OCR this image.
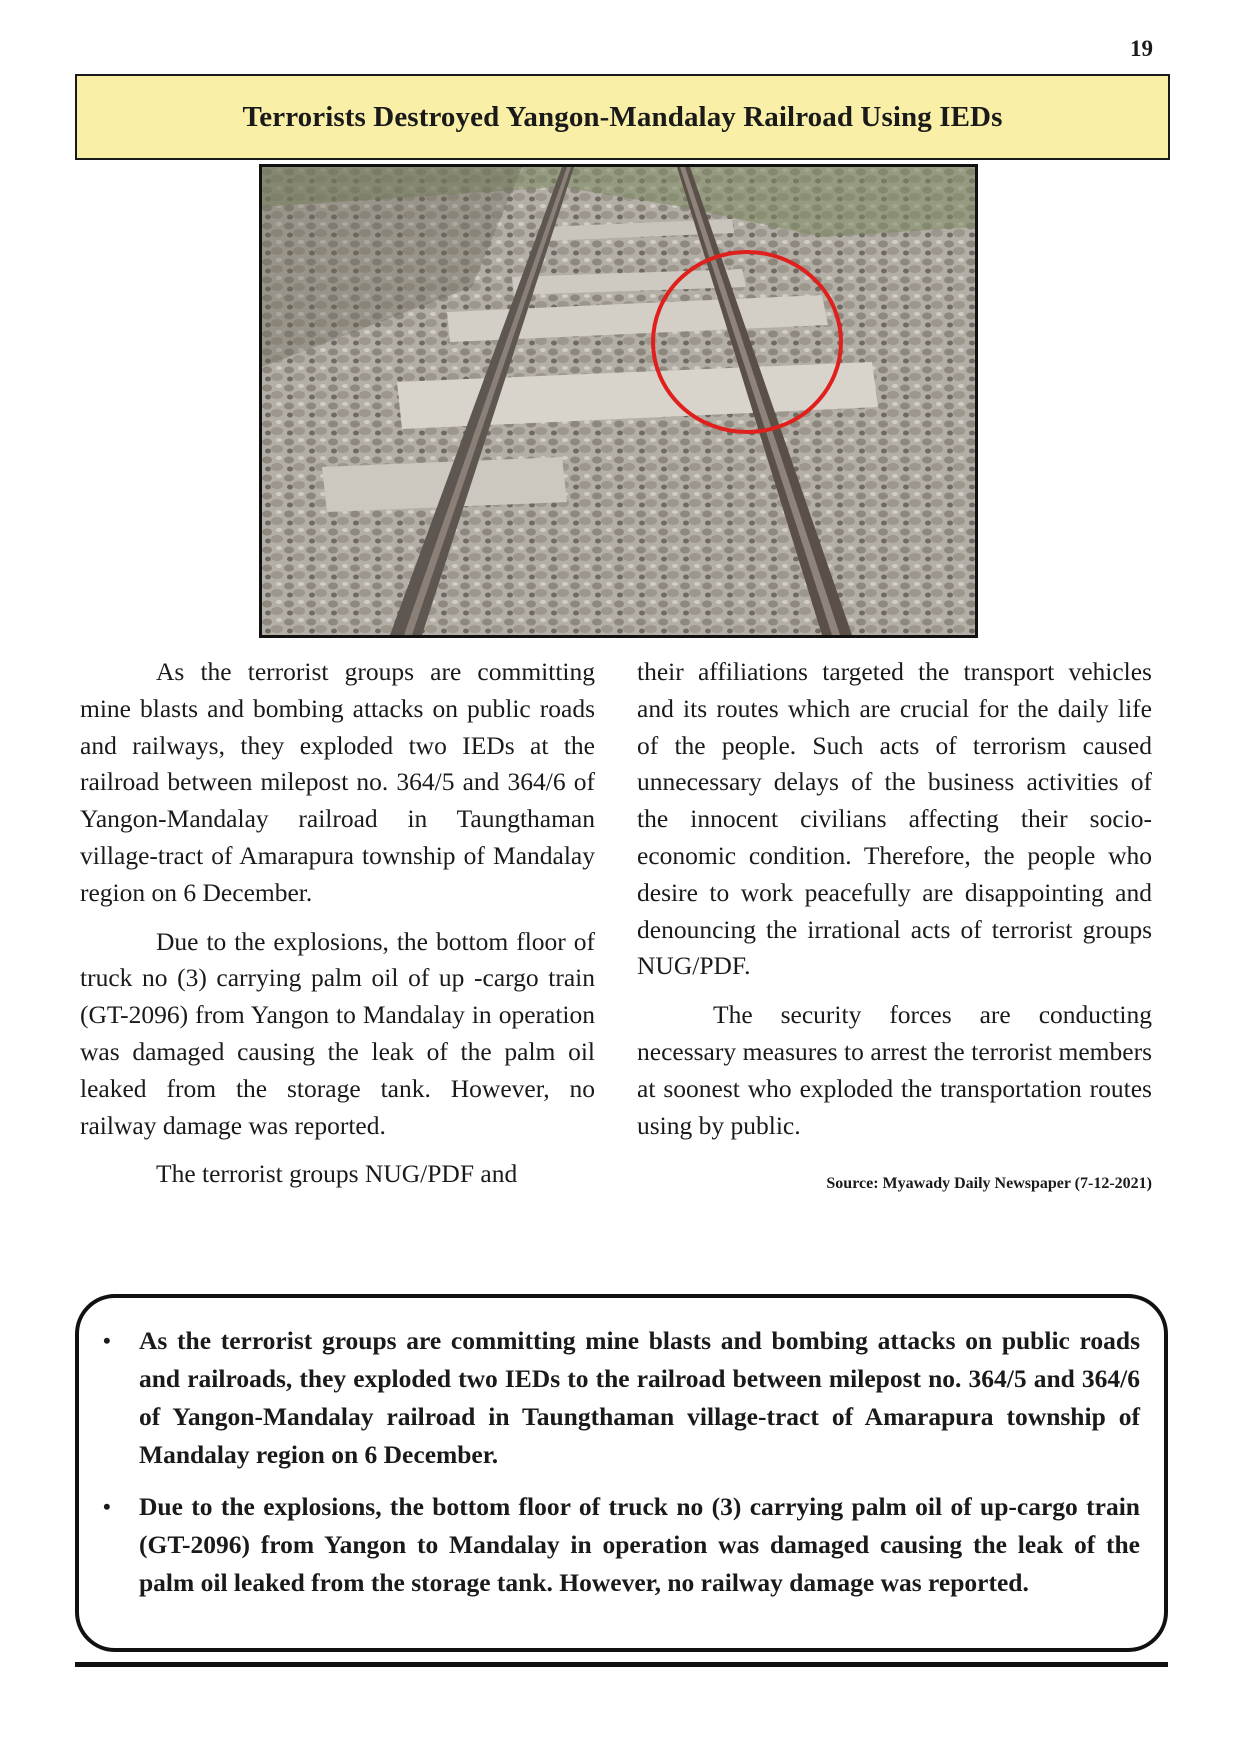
19
Terrorists Destroyed Yangon-Mandalay Railroad Using IEDs

As the terrorist groups are committing mine blasts and bombing attacks on public roads and railways, they exploded two IEDs at the railroad between milepost no. 364/5 and 364/6 of Yangon-Mandalay railroad in Taungthaman village-tract of Amarapura township of Mandalay region on 6 December.

Due to the explosions, the bottom floor of truck no (3) carrying palm oil of up -cargo train (GT-2096) from Yangon to Mandalay in operation was damaged causing the leak of the palm oil leaked from the storage tank. However, no railway damage was reported.

The terrorist groups NUG/PDF and

their affiliations targeted the transport vehicles and its routes which are crucial for the daily life of the people. Such acts of terrorism caused unnecessary delays of the business activities of the innocent civilians affecting their socio-economic condition. Therefore, the people who desire to work peacefully are disappointing and denouncing the irrational acts of terrorist groups NUG/PDF.

The security forces are conducting necessary measures to arrest the terrorist members at soonest who exploded the transportation routes using by public.

Source: Myawady Daily Newspaper (7-12-2021)
• As the terrorist groups are committing mine blasts and bombing attacks on public roads and railroads, they exploded two IEDs to the railroad between milepost no. 364/5 and 364/6 of Yangon-Mandalay railroad in Taungthaman village-tract of Amarapura township of Mandalay region on 6 December.
• Due to the explosions, the bottom floor of truck no (3) carrying palm oil of up-cargo train (GT-2096) from Yangon to Mandalay in operation was damaged causing the leak of the palm oil leaked from the storage tank. However, no railway damage was reported.
